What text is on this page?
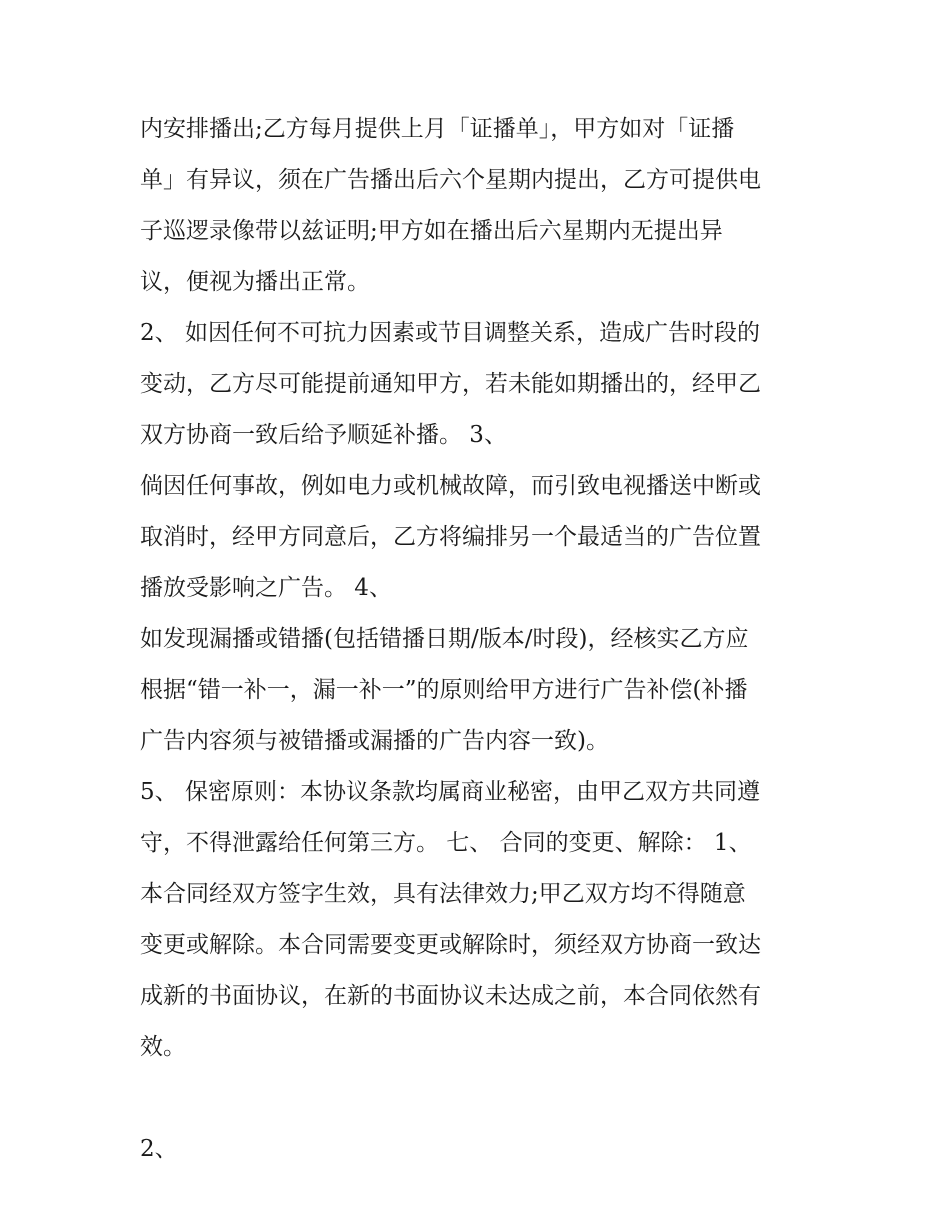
内安排播出;乙方每月提供上月「证播单」，甲方如对「证播
单」有异议，须在广告播出后六个星期内提出，乙方可提供电
子巡逻录像带以兹证明;甲方如在播出后六星期内无提出异
议，便视为播出正常。
2、 如因任何不可抗力因素或节目调整关系，造成广告时段的
变动，乙方尽可能提前通知甲方，若未能如期播出的，经甲乙
双方协商一致后给予顺延补播。 3、
倘因任何事故，例如电力或机械故障，而引致电视播送中断或
取消时，经甲方同意后，乙方将编排另一个最适当的广告位置
播放受影响之广告。 4、
如发现漏播或错播(包括错播日期/版本/时段)，经核实乙方应
根据“错一补一，漏一补一”的原则给甲方进行广告补偿(补播
广告内容须与被错播或漏播的广告内容一致)。
5、 保密原则：本协议条款均属商业秘密，由甲乙双方共同遵
守，不得泄露给任何第三方。 七、 合同的变更、解除： 1、
本合同经双方签字生效，具有法律效力;甲乙双方均不得随意
变更或解除。本合同需要变更或解除时，须经双方协商一致达
成新的书面协议，在新的书面协议未达成之前，本合同依然有
效。
2、
